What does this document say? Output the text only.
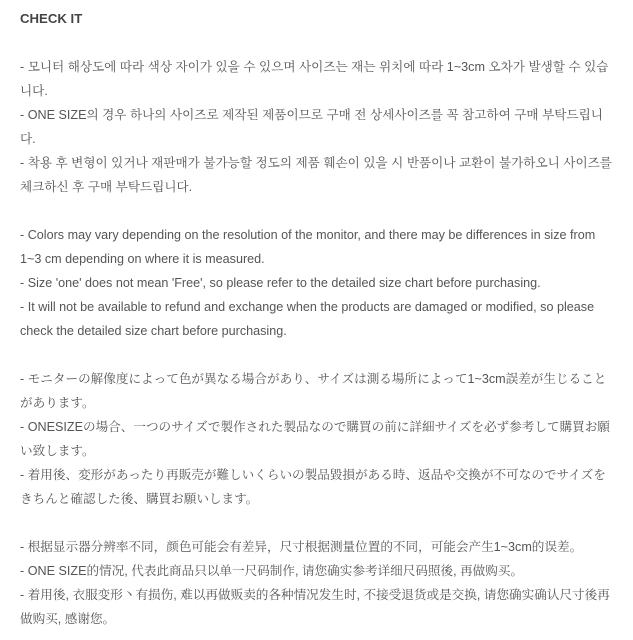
CHECK IT

- 모니터 해상도에 따라 색상 자이가 있을 수 있으며 사이즈는 재는 위치에 따라 1~3cm 오차가 발생할 수 있습니다.

- ONE SIZE의 경우 하나의 사이즈로 제작된 제품이므로 구매 전 상세사이즈를 꼭 참고하여 구매 부탁드립니다.

- 착용 후 변형이 있거나 재판매가 불가능할 정도의 제품 훼손이 있을 시 반품이나 교환이 불가하오니 사이즈를 체크하신 후 구매 부탁드립니다.

- Colors may vary depending on the resolution of the monitor, and there may be differences in size from 1~3 cm depending on where it is measured.

- Size 'one' does not mean 'Free', so please refer to the detailed size chart before purchasing.

- It will not be available to refund and exchange when the products are damaged or modified, so please check the detailed size chart before purchasing.

- モニターの解像度によって色が異なる場合があり、サイズは測る場所によって1~3cm誤差が生じることがあります。

- ONESIZEの場合、一つのサイズで製作された製品なので購買の前に詳細サイズを必ず参考して購買お願い致します。

- 着用後、変形があったり再販売が難しいくらいの製品毀損がある時、返品や交換が不可なのでサイズをきちんと確認した後、購買お願いします。

- 根据显示器分辨率不同，颜色可能会有差异，尺寸根据测量位置的不同，可能会产生1~3cm的误差。

- ONE SIZE的情况, 代表此商品只以单一尺码制作, 请您确实参考详细尺码照後, 再做购买。

- 着用後, 衣服变形丶有损伤, 难以再做贩卖的各种情况发生时, 不接受退货或是交换, 请您确实确认尺寸後再做购买, 感谢您。
